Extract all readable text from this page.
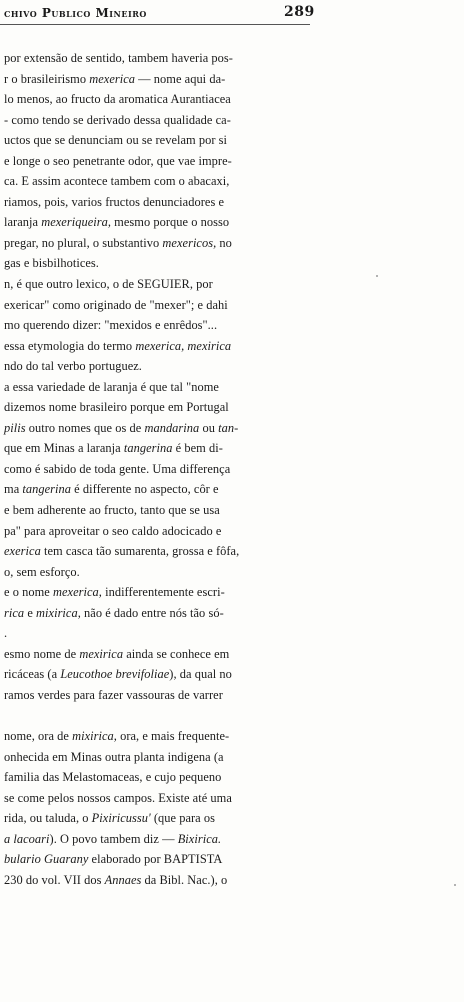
chivo Publico Mineiro	289
por extensão de sentido, tambem haveria pos-
r o brasileirismo mexerica — nome aqui da-
lo menos, ao fructo da aromatica Aurantiacea
- como tendo se derivado dessa qualidade ca-
uctos que se denunciam ou se revelam por si
e longe o seo penetrante odor, que vae impre-
ca. E assim acontece tambem com o abacaxi,
riamos, pois, varios fructos denunciadores e
laranja mexeriqueira, mesmo porque o nosso
pregar, no plural, o substantivo mexericos, no
gas e bisbilhotices.
n, é que outro lexico, o de SEGUIER, por
exericar" como originado de "mexer"; e dahi
mo querendo dizer: "mexidos e enrêdos"...
essa etymologia do termo mexerica, mexirica
ndo do tal verbo portuguez.
a essa variedade de laranja é que tal "nome
dizemos nome brasileiro porque em Portugal
pilis outro nomes que os de mandarina ou tan-
que em Minas a laranja tangerina é bem di-
como é sabido de toda gente. Uma differença
ma tangerina é differente no aspecto, côr e
e bem adherente ao fructo, tanto que se usa
pa" para aproveitar o seo caldo adocicado e
exerica tem casca tão sumarenta, grossa e fôfa,
o, sem esforço.
e o nome mexerica, indifferentemente escri-
rica e mixirica, não é dado entre nós tão só-
.
esmo nome de mexirica ainda se conhece em
ricáceas (a Leucothoe brevifoliae), da qual no
ramos verdes para fazer vassouras de varrer
nome, ora de mixirica, ora, e mais frequente-
onhecida em Minas outra planta indigena (a
familia das Melastomaceas, e cujo pequeno
se come pelos nossos campos. Existe até uma
rida, ou taluda, o Pixiricussu' (que para os
a lacoari). O povo tambem diz — Bixirica.
bulario Guarany elaborado por BAPTISTA
230 do vol. VII dos Annaes da Bibl. Nac.), o
